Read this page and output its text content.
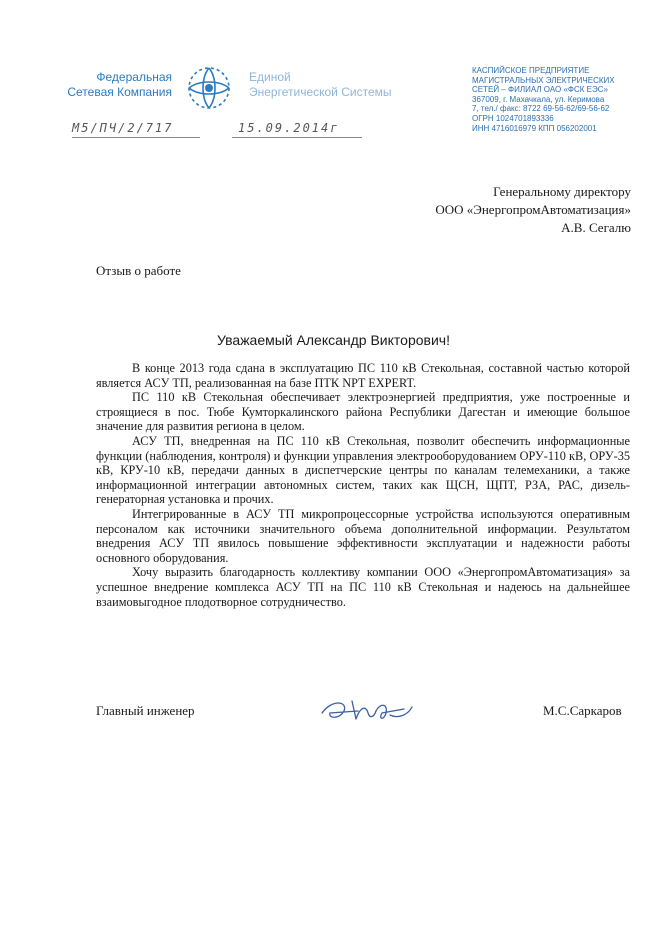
Федеральная
Сетевая Компания
Единой
Энергетической Системы
КАСПИЙСКОЕ ПРЕДПРИЯТИЕ
МАГИСТРАЛЬНЫХ ЭЛЕКТРИЧЕСКИХ
СЕТЕЙ – ФИЛИАЛ ОАО «ФСК ЕЭС»
367009, г. Махачкала, ул. Керимова
7, тел./ факс: 8722 69-56-62/69-56-62
ОГРН 1024701893336
ИНН 4716016979 КПП 056202001
М5/ПЧ/2/717	15.09.2014г
Генеральному директору
ООО «ЭнергопромАвтоматизация»
А.В. Сегалю
Отзыв о работе
Уважаемый Александр Викторович!

В конце 2013 года сдана в эксплуатацию ПС 110 кВ Стекольная, составной частью которой является АСУ ТП, реализованная на базе ПТК NPT EXPERT.

ПС 110 кВ Стекольная обеспечивает электроэнергией предприятия, уже построенные и строящиеся в пос. Тюбе Кумторкалинского района Республики Дагестан и имеющие большое значение для развития региона в целом.

АСУ ТП, внедренная на ПС 110 кВ Стекольная, позволит обеспечить информационные функции (наблюдения, контроля) и функции управления электрооборудованием ОРУ-110 кВ, ОРУ-35 кВ, КРУ-10 кВ, передачи данных в диспетчерские центры по каналам телемеханики, а также информационной интеграции автономных систем, таких как ЩСН, ЩПТ, РЗА, РАС, дизель-генераторная установка и прочих.

Интегрированные в АСУ ТП микропроцессорные устройства используются оперативным персоналом как источники значительного объема дополнительной информации. Результатом внедрения АСУ ТП явилось повышение эффективности эксплуатации и надежности работы основного оборудования.

Хочу выразить благодарность коллективу компании ООО «ЭнергопромАвтоматизация» за успешное внедрение комплекса АСУ ТП на ПС 110 кВ Стекольная и надеюсь на дальнейшее взаимовыгодное плодотворное сотрудничество.

Главный инженер	М.С.Саркаров
